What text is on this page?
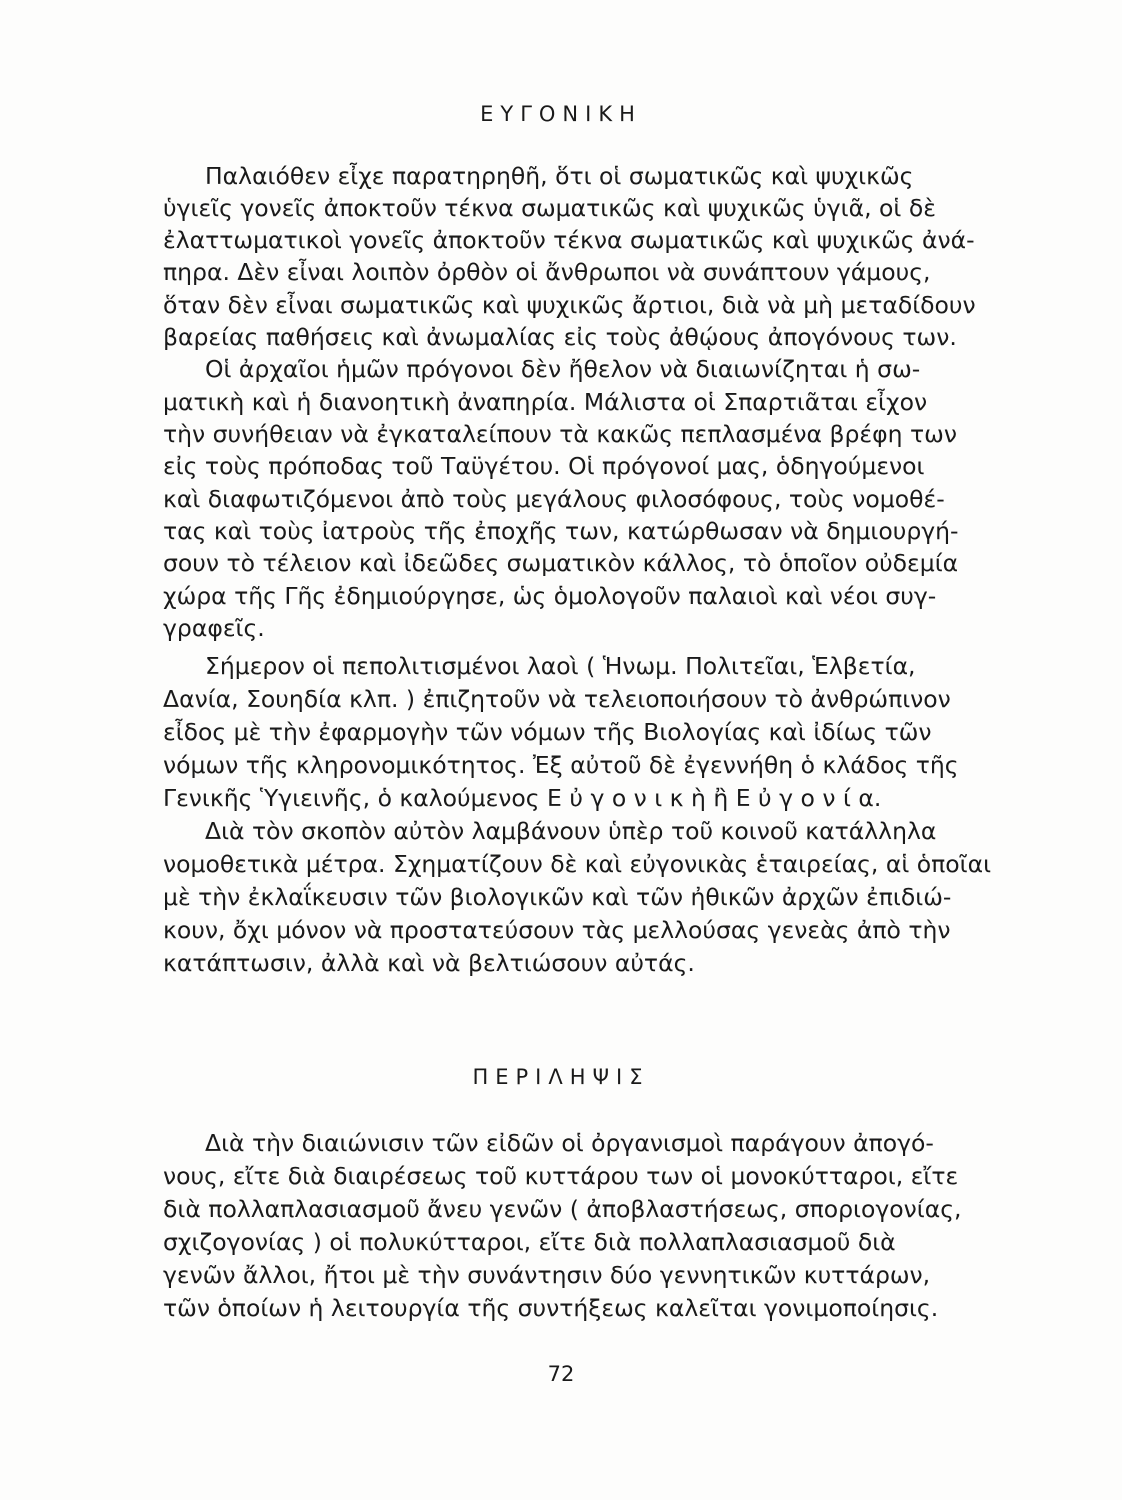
ΕΥΓΟΝΙΚΗ
Παλαιόθεν εἶχε παρατηρηθῆ, ὅτι οἱ σωματικῶς καὶ ψυχικῶς
ὑγιεῖς γονεῖς ἀποκτοῦν τέκνα σωματικῶς καὶ ψυχικῶς ὑγιᾶ, οἱ δὲ
ἐλαττωματικοὶ γονεῖς ἀποκτοῦν τέκνα σωματικῶς καὶ ψυχικῶς ἀνά-
πηρα. Δὲν εἶναι λοιπὸν ὀρθὸν οἱ ἄνθρωποι νὰ συνάπτουν γάμους,
ὅταν δὲν εἶναι σωματικῶς καὶ ψυχικῶς ἄρτιοι, διὰ νὰ μὴ μεταδίδουν
βαρείας παθήσεις καὶ ἀνωμαλίας εἰς τοὺς ἀθῴους ἀπογόνους των.
Οἱ ἀρχαῖοι ἡμῶν πρόγονοι δὲν ἤθελον νὰ διαιωνίζηται ἡ σω-
ματικὴ καὶ ἡ διανοητικὴ ἀναπηρία. Μάλιστα οἱ Σπαρτιᾶται εἶχον
τὴν συνήθειαν νὰ ἐγκαταλείπουν τὰ κακῶς πεπλασμένα βρέφη των
εἰς τοὺς πρόποδας τοῦ Ταϋγέτου. Οἱ πρόγονοί μας, ὁδηγούμενοι
καὶ διαφωτιζόμενοι ἀπὸ τοὺς μεγάλους φιλοσόφους, τοὺς νομοθέ-
τας καὶ τοὺς ἰατροὺς τῆς ἐποχῆς των, κατώρθωσαν νὰ δημιουργή-
σουν τὸ τέλειον καὶ ἰδεῶδες σωματικὸν κάλλος, τὸ ὁποῖον οὐδεμία
χώρα τῆς Γῆς ἐδημιούργησε, ὡς ὁμολογοῦν παλαιοὶ καὶ νέοι συγ-
γραφεῖς.
Σήμερον οἱ πεπολιτισμένοι λαοὶ ( Ἡνωμ. Πολιτεῖαι, Ἑλβετία,
Δανία, Σουηδία κλπ. ) ἐπιζητοῦν νὰ τελειοποιήσουν τὸ ἀνθρώπινον
εἶδος μὲ τὴν ἐφαρμογὴν τῶν νόμων τῆς Βιολογίας καὶ ἰδίως τῶν
νόμων τῆς κληρονομικότητος. Ἐξ αὐτοῦ δὲ ἐγεννήθη ὁ κλάδος τῆς
Γενικῆς Ὑγιεινῆς, ὁ καλούμενος Ε ὐ γ ο ν ι κ ὴ ἢ Ε ὐ γ ο ν ί α.
Διὰ τὸν σκοπὸν αὐτὸν λαμβάνουν ὑπὲρ τοῦ κοινοῦ κατάλληλα
νομοθετικὰ μέτρα. Σχηματίζουν δὲ καὶ εὐγονικὰς ἑταιρείας, αἱ ὁποῖαι
μὲ τὴν ἐκλαΐκευσιν τῶν βιολογικῶν καὶ τῶν ἠθικῶν ἀρχῶν ἐπιδιώ-
κουν, ὄχι μόνον νὰ προστατεύσουν τὰς μελλούσας γενεὰς ἀπὸ τὴν
κατάπτωσιν, ἀλλὰ καὶ νὰ βελτιώσουν αὐτάς.
ΠΕΡΙΛΗΨΙΣ
Διὰ τὴν διαιώνισιν τῶν εἰδῶν οἱ ὀργανισμοὶ παράγουν ἀπογό-
νους, εἴτε διὰ διαιρέσεως τοῦ κυττάρου των οἱ μονοκύτταροι, εἴτε
διὰ πολλαπλασιασμοῦ ἄνευ γενῶν ( ἀποβλαστήσεως, σποριογονίας,
σχιζογονίας ) οἱ πολυκύτταροι, εἴτε διὰ πολλαπλασιασμοῦ διὰ
γενῶν ἄλλοι, ἤτοι μὲ τὴν συνάντησιν δύο γεννητικῶν κυττάρων,
τῶν ὁποίων ἡ λειτουργία τῆς συντήξεως καλεῖται γονιμοποίησις.
72
